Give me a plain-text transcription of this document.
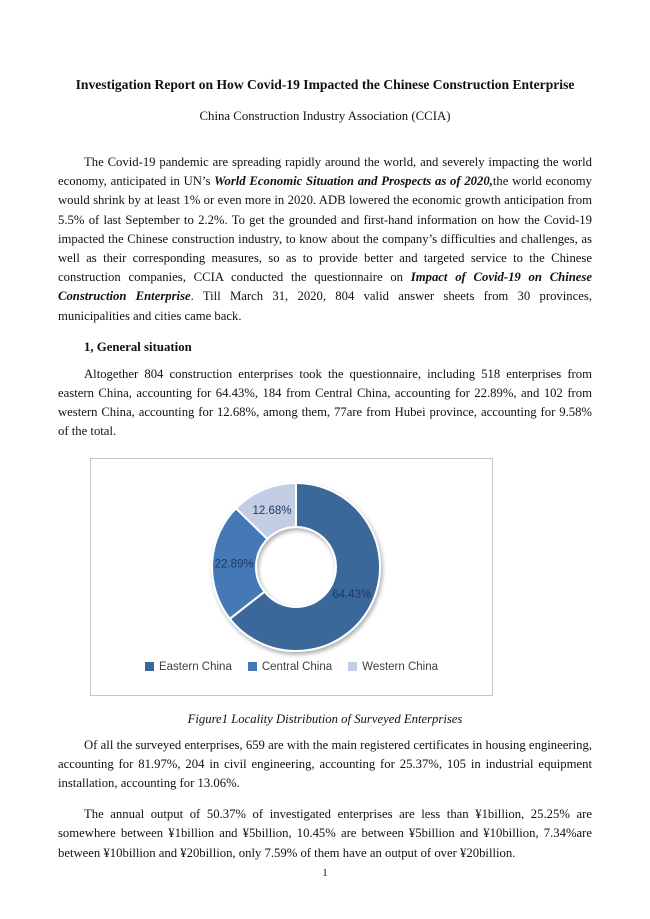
Investigation Report on How Covid-19 Impacted the Chinese Construction Enterprise

China Construction Industry Association (CCIA)

The Covid-19 pandemic are spreading rapidly around the world, and severely impacting the world economy, anticipated in UN’s World Economic Situation and Prospects as of 2020,the world economy would shrink by at least 1% or even more in 2020. ADB lowered the economic growth anticipation from 5.5% of last September to 2.2%. To get the grounded and first-hand information on how the Covid-19 impacted the Chinese construction industry, to know about the company’s difficulties and challenges, as well as their corresponding measures, so as to provide better and targeted service to the Chinese construction companies, CCIA conducted the questionnaire on Impact of Covid-19 on Chinese Construction Enterprise. Till March 31, 2020, 804 valid answer sheets from 30 provinces, municipalities and cities came back.

1, General situation

Altogether 804 construction enterprises took the questionnaire, including 518 enterprises from eastern China, accounting for 64.43%, 184 from Central China, accounting for 22.89%, and 102 from western China, accounting for 12.68%, among them, 77are from Hubei province, accounting for 9.58% of the total.

64.43%
22.89%
12.68%
Eastern China	Central China	Western China

Figure1 Locality Distribution of Surveyed Enterprises

Of all the surveyed enterprises, 659 are with the main registered certificates in housing engineering, accounting for 81.97%, 204 in civil engineering, accounting for 25.37%, 105 in industrial equipment installation, accounting for 13.06%.

The annual output of 50.37% of investigated enterprises are less than ¥1billion, 25.25% are somewhere between ¥1billion and ¥5billion, 10.45% are between ¥5billion and ¥10billion, 7.34%are between ¥10billion and ¥20billion, only 7.59% of them have an output of over ¥20billion.

1
